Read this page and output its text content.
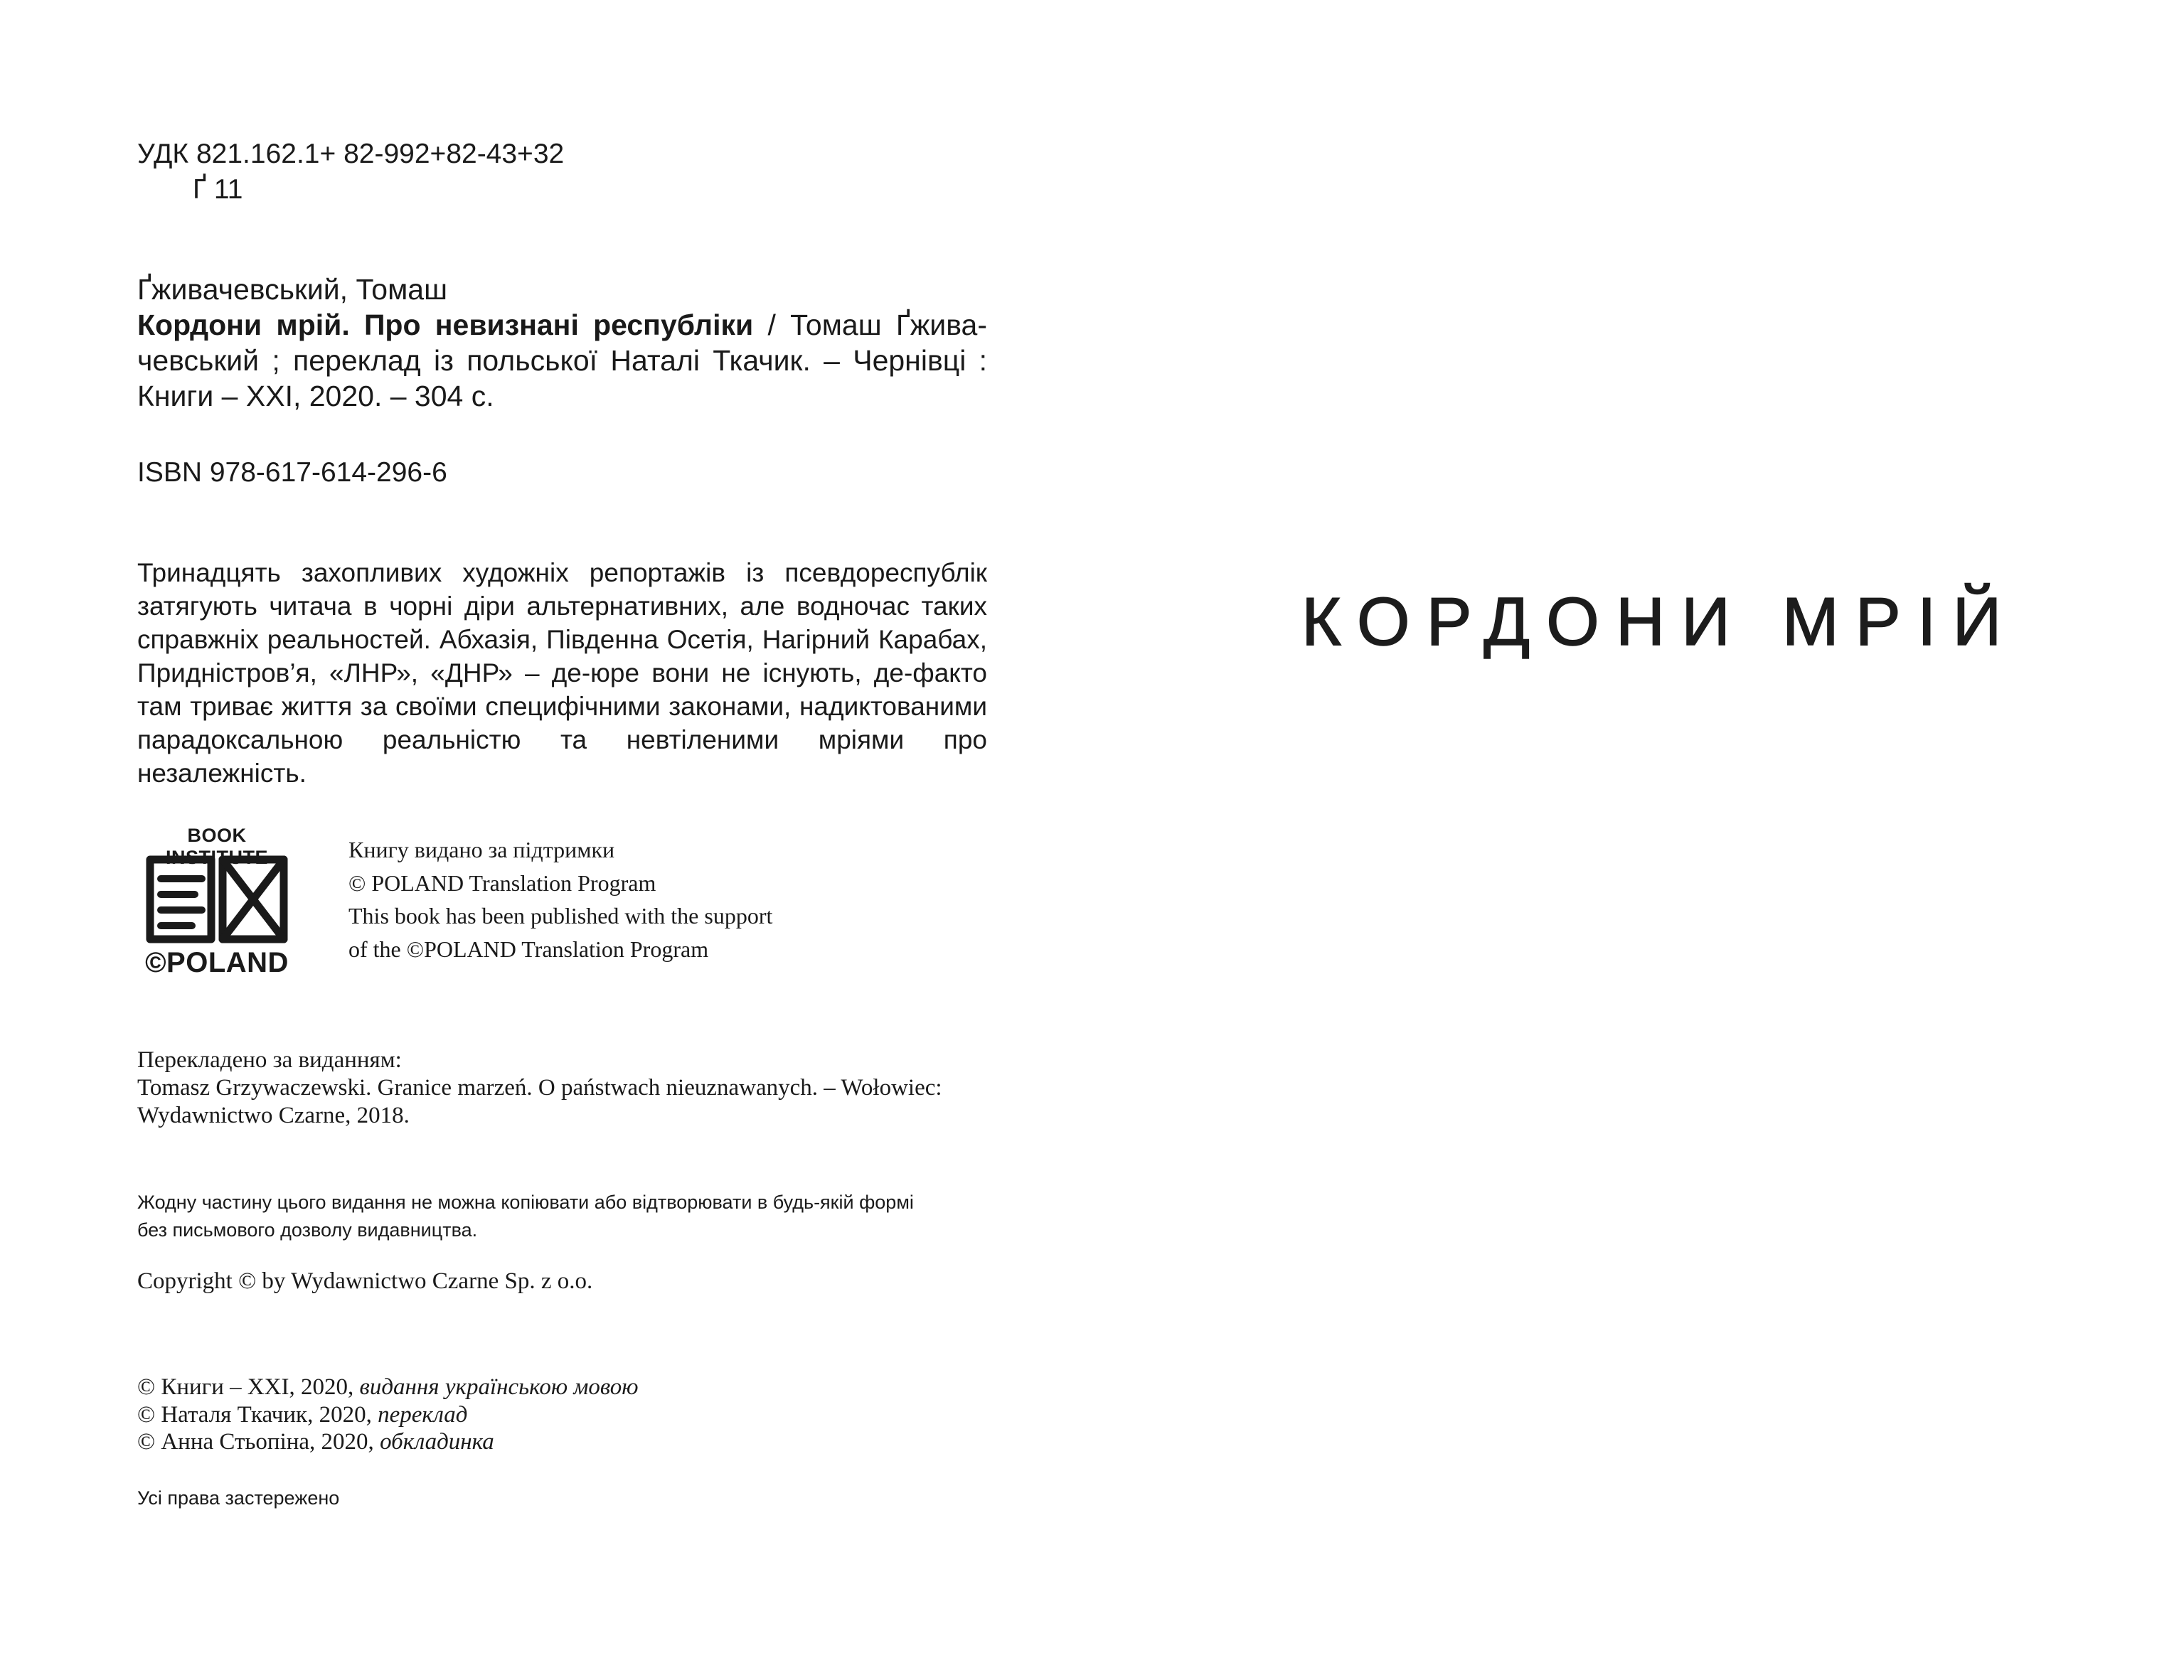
УДК 821.162.1+ 82-992+82-43+32
Ґ 11
Ґживачевський, Томаш
Кордони мрій. Про невизнані республіки / Томаш Ґживачевський ; переклад із польської Наталі Ткачик. – Чернівці : Книги – ХХІ, 2020. – 304 с.
ISBN 978-617-614-296-6
Тринадцять захопливих художніх репортажів із псевдореспублік затягують читача в чорні діри альтернативних, але водночас таких справжніх реальностей. Абхазія, Південна Осетія, Нагірний Карабах, Придністров’я, «ЛНР», «ДНР» – де-юре вони не існують, де-факто там триває життя за своїми специфічними законами, надиктованими парадоксальною реальністю та невтіленими мріями про незалежність.
BOOK INSTITUTE
©POLAND
Книгу видано за підтримки
© POLAND Translation Program
This book has been published with the support
of the ©POLAND Translation Program
Перекладено за виданням:
Tomasz Grzywaczewski. Granice marzeń. O państwach nieuznawanych. – Wołowiec:
Wydawnictwo Czarne, 2018.
Жодну частину цього видання не можна копіювати або відтворювати в будь-якій формі
без письмового дозволу видавництва.
Copyright © by Wydawnictwo Czarne Sp. z o.o.
© Книги – ХХІ, 2020, видання українською мовою
© Наталя Ткачик, 2020, переклад
© Анна Стьопіна, 2020, обкладинка
Усі права застережено
КОРДОНИ МРІЙ
